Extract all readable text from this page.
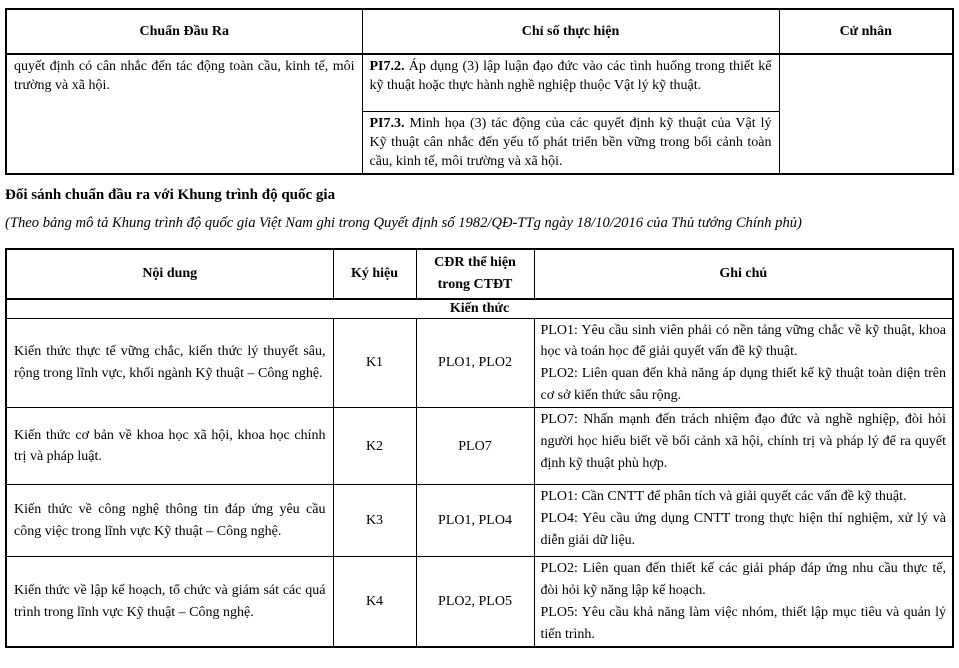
Chuẩn Đầu Ra	Chỉ số thực hiện	Cử nhân
quyết định có cân nhắc đến tác động toàn cầu, kinh tế, môi trường và xã hội.	PI7.2. Áp dụng (3) lập luận đạo đức vào các tình huống trong thiết kế kỹ thuật hoặc thực hành nghề nghiệp thuộc Vật lý kỹ thuật.	
	PI7.3. Minh họa (3) tác động của các quyết định kỹ thuật của Vật lý Kỹ thuật cân nhắc đến yếu tố phát triển bền vững trong bối cảnh toàn cầu, kinh tế, môi trường và xã hội.	

Đối sánh chuẩn đầu ra với Khung trình độ quốc gia

(Theo bảng mô tả Khung trình độ quốc gia Việt Nam ghi trong Quyết định số 1982/QĐ-TTg ngày 18/10/2016 của Thủ tướng Chính phủ)

Nội dung	Ký hiệu	CĐR thể hiện trong CTĐT	Ghi chú
Kiến thức			
Kiến thức thực tế vững chắc, kiến thức lý thuyết sâu, rộng trong lĩnh vực, khối ngành Kỹ thuật – Công nghệ.	K1	PLO1, PLO2	PLO1: Yêu cầu sinh viên phải có nền tảng vững chắc về kỹ thuật, khoa học và toán học để giải quyết vấn đề kỹ thuật.
PLO2: Liên quan đến khả năng áp dụng thiết kế kỹ thuật toàn diện trên cơ sở kiến thức sâu rộng.

Kiến thức cơ bản về khoa học xã hội, khoa học chính trị và pháp luật.	K2	PLO7	PLO7: Nhấn mạnh đến trách nhiệm đạo đức và nghề nghiệp, đòi hỏi người học hiểu biết về bối cảnh xã hội, chính trị và pháp lý để ra quyết định kỹ thuật phù hợp.

Kiến thức về công nghệ thông tin đáp ứng yêu cầu công việc trong lĩnh vực Kỹ thuật – Công nghệ.	K3	PLO1, PLO4	PLO1: Cần CNTT để phân tích và giải quyết các vấn đề kỹ thuật.
PLO4: Yêu cầu ứng dụng CNTT trong thực hiện thí nghiệm, xử lý và diễn giải dữ liệu.

Kiến thức về lập kế hoạch, tổ chức và giám sát các quá trình trong lĩnh vực Kỹ thuật – Công nghệ.	K4	PLO2, PLO5	PLO2: Liên quan đến thiết kế các giải pháp đáp ứng nhu cầu thực tế, đòi hỏi kỹ năng lập kế hoạch.
PLO5: Yêu cầu khả năng làm việc nhóm, thiết lập mục tiêu và quản lý tiến trình.
